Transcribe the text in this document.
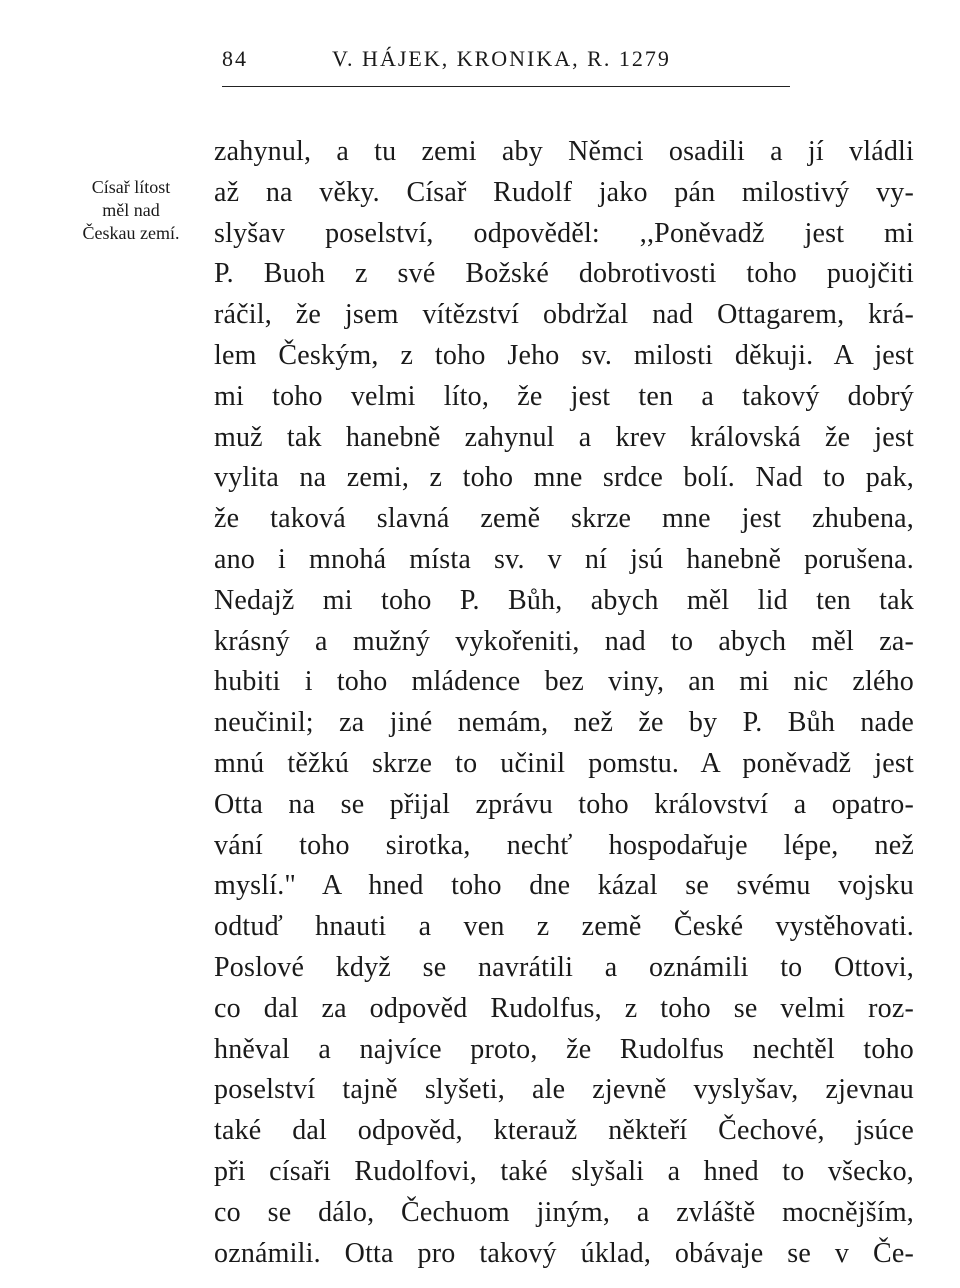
84	V. HÁJEK, KRONIKA, R. 1279
Císař lítost
měl nad
Českau zemí.
zahynul, a tu zemi aby Němci osadili a jí vládli
až na věky. Císař Rudolf jako pán milostivý vy-
slyšav poselství, odpověděl: ,,Poněvadž jest mi
P. Buoh z své Božské dobrotivosti toho puojčiti
ráčil, že jsem vítězství obdržal nad Ottagarem, krá-
lem Českým, z toho Jeho sv. milosti děkuji. A jest
mi toho velmi líto, že jest ten a takový dobrý
muž tak hanebně zahynul a krev královská že jest
vylita na zemi, z toho mne srdce bolí. Nad to pak,
že taková slavná země skrze mne jest zhubena,
ano i mnohá místa sv. v ní jsú hanebně porušena.
Nedajž mi toho P. Bůh, abych měl lid ten tak
krásný a mužný vykořeniti, nad to abych měl za-
hubiti i toho mládence bez viny, an mi nic zlého
neučinil; za jiné nemám, než že by P. Bůh nade
mnú těžkú skrze to učinil pomstu. A poněvadž jest
Otta na se přijal zprávu toho království a opatro-
vání toho sirotka, nechť hospodařuje lépe, než
myslí." A hned toho dne kázal se svému vojsku
odtuď hnauti a ven z země České vystěhovati.
Poslové když se navrátili a oznámili to Ottovi,
co dal za odpověd Rudolfus, z toho se velmi roz-
hněval a najvíce proto, že Rudolfus nechtěl toho
poselství tajně slyšeti, ale zjevně vyslyšav, zjevnau
také dal odpověd, kterauž někteří Čechové, jsúce
při císaři Rudolfovi, také slyšali a hned to všecko,
co se dálo, Čechuom jiným, a zvláště mocnějším,
oznámili. Otta pro takový úklad, obávaje se v Če-
